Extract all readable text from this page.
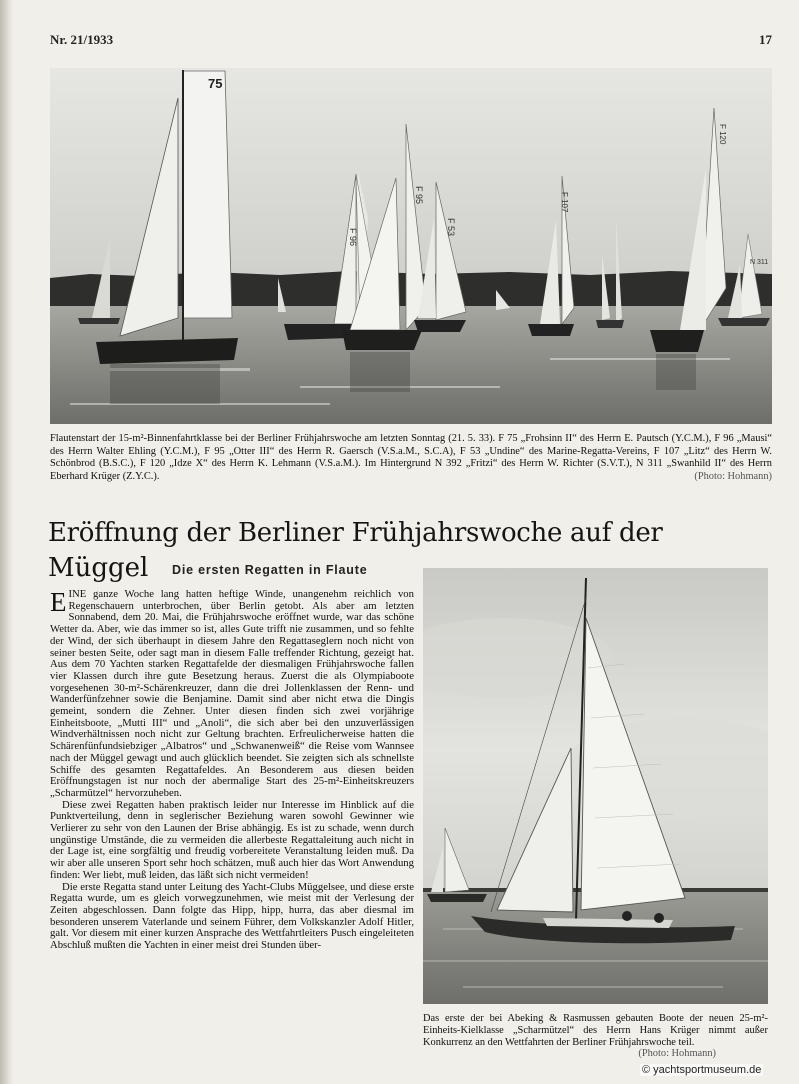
Nr. 21/1933	17
75
F 96
F 95
F 53
F 107
F 120
N 311
Flautenstart der 15-m²-Binnenfahrtklasse bei der Berliner Frühjahrswoche am letzten Sonntag (21. 5. 33). F 75 „Frohsinn II“ des Herrn E. Pautsch (Y.C.M.), F 96 „Mausi“ des Herrn Walter Ehling (Y.C.M.), F 95 „Otter III“ des Herrn R. Gaersch (V.S.a.M., S.C.A), F 53 „Undine“ des Marine-Regatta-Vereins, F 107 „Litz“ des Herrn W. Schönbrod (B.S.C.), F 120 „Idze X“ des Herrn K. Lehmann (V.S.a.M.). Im Hintergrund N 392 „Fritzi“ des Herrn W. Richter (S.V.T.), N 311 „Swanhild II“ des Herrn Eberhard Krüger (Z.Y.C.).	(Photo: Hohmann)
Eröffnung der Berliner Frühjahrswoche auf der
Müggel Die ersten Regatten in Flaute

EINE ganze Woche lang hatten heftige Winde, unangenehm reichlich von Regenschauern unterbrochen, über Berlin getobt. Als aber am letzten Sonnabend, dem 20. Mai, die Frühjahrswoche eröffnet wurde, war das schöne Wetter da. Aber, wie das immer so ist, alles Gute trifft nie zusammen, und so fehlte der Wind, der sich überhaupt in diesem Jahre den Regattaseglern noch nicht von seiner besten Seite, oder sagt man in diesem Falle treffender Richtung, gezeigt hat. Aus dem 70 Yachten starken Regattafelde der diesmaligen Frühjahrswoche fallen vier Klassen durch ihre gute Besetzung heraus. Zuerst die als Olympiaboote vorgesehenen 30-m²-Schärenkreuzer, dann die drei Jollenklassen der Renn- und Wanderfünfzehner sowie die Benjamine. Damit sind aber nicht etwa die Dingis gemeint, sondern die Zehner. Unter diesen finden sich zwei vorjährige Einheitsboote, „Mutti III“ und „Anoli“, die sich aber bei den unzuverlässigen Windverhältnissen noch nicht zur Geltung brachten. Erfreulicherweise hatten die Schärenfünfundsiebziger „Albatros“ und „Schwanenweiß“ die Reise vom Wannsee nach der Müggel gewagt und auch glücklich beendet. Sie zeigten sich als schnellste Schiffe des gesamten Regattafeldes. An Besonderem aus diesen beiden Eröffnungstagen ist nur noch der abermalige Start des 25-m²-Einheitskreuzers „Scharmützel“ hervorzuheben.

Diese zwei Regatten haben praktisch leider nur Interesse im Hinblick auf die Punktverteilung, denn in seglerischer Beziehung waren sowohl Gewinner wie Verlierer zu sehr von den Launen der Brise abhängig. Es ist zu schade, wenn durch ungünstige Umstände, die zu vermeiden die allerbeste Regattaleitung auch nicht in der Lage ist, eine sorgfältig und freudig vorbereitete Veranstaltung leiden muß. Da wir aber alle unseren Sport sehr hoch schätzen, muß auch hier das Wort Anwendung finden: Wer liebt, muß leiden, das läßt sich nicht vermeiden!

Die erste Regatta stand unter Leitung des Yacht-Clubs Müggelsee, und diese erste Regatta wurde, um es gleich vorwegzunehmen, wie meist mit der Verlesung der Zeiten abgeschlossen. Dann folgte das Hipp, hipp, hurra, das aber diesmal im besonderen unserem Vaterlande und seinem Führer, dem Volkskanzler Adolf Hitler, galt. Vor diesem mit einer kurzen Ansprache des Wettfahrtleiters Pusch eingeleiteten Abschluß mußten die Yachten in einer meist drei Stunden über-

Das erste der bei Abeking & Rasmussen gebauten Boote der neuen 25-m²-Einheits-Kielklasse „Scharmützel“ des Herrn Hans Krüger nimmt außer Konkurrenz an den Wettfahrten der Berliner Frühjahrswoche teil.
(Photo: Hohmann)
© yachtsportmuseum.de
